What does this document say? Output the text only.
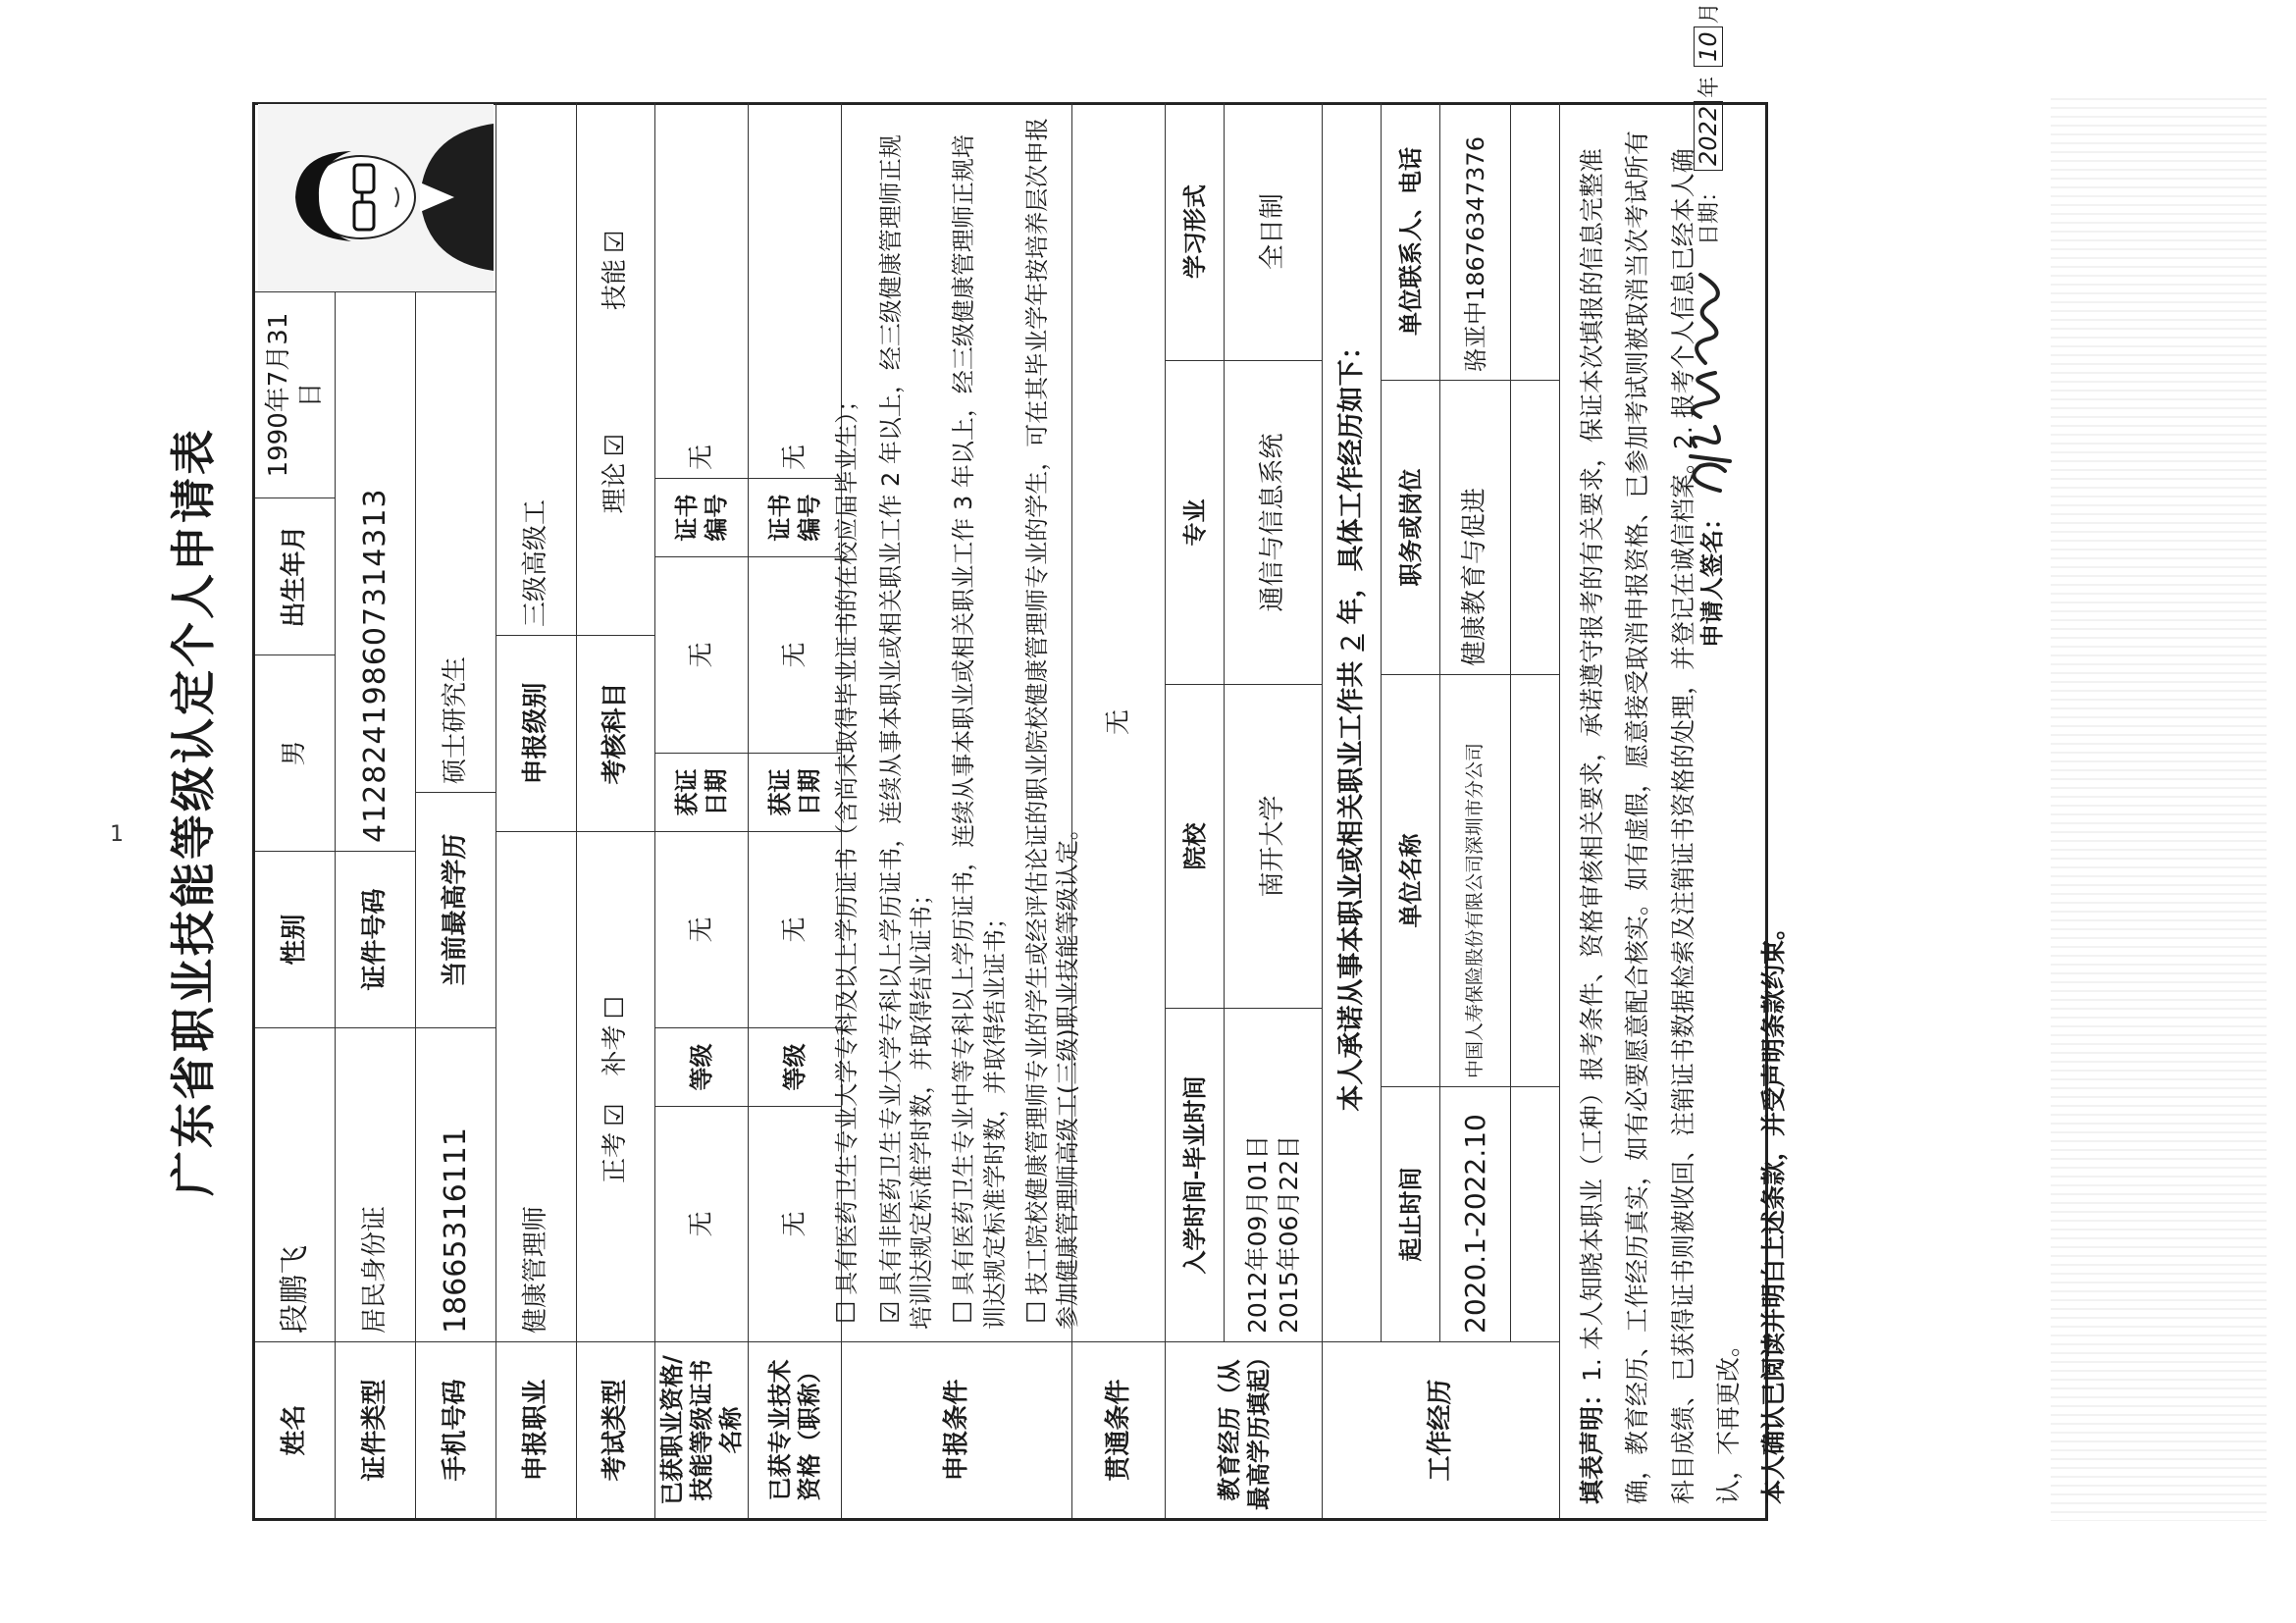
1 广东省职业技能等级认定个人申请表
姓名
段鹏飞
性别
男
出生年月
1990年7月31日
证件类型
居民身份证
证件号码
412824198607314313
手机号码
18665316111
当前最高学历
硕士研究生
申报职业
健康管理师
申报级别
三级高级工
考试类型
正考
☑
补考
☐
考核科目
理论
☑
技能
☑
已获职业资格/技能等级证书名称
无
等级
无
获证日期
无
证书编号
无
已获专业技术资格（职称）
无
等级
无
获证日期
无
证书编号
无
申报条件
☐具有医药卫生专业大学专科及以上学历证书（含尚未取得毕业证书的在校应届毕业生）；
☑具有非医药卫生专业大学专科以上学历证书，连续从事本职业或相关职业工作 2 年以上，经三级健康管理师正规培训达规定标准学时数，并取得结业证书； ☐具有医药卫生专业中等专科以上学历证书，连续从事本职业或相关职业工作 3 年以上，经三级健康管理师正规培训达规定标准学时数，并取得结业证书； ☐技工院校健康管理师专业的学生或经评估论证的职业院校健康管理师专业的学生，可在其毕业学年按培养层次申报参加健康管理师高级工(三级)职业技能等级认定。
贯通条件
无
教育经历（从最高学历填起）
入学时间-毕业时间
院校
专业
学习形式
2012年09月01日
2015年06月22日
南开大学
通信与信息系统
全日制
本人承诺从事本职业或相关职业工作共
2
年，具体工作经历如下：
工作经历
起止时间
单位名称
职务或岗位
单位联系人、电话
2020.1-2022.10
中国人寿保险股份有限公司深圳市分公司
健康教育与促进
骆亚中18676347376
填表声明：1. 本人知晓本职业（工种）报考条件、资格审核相关要求，承诺遵守报考的有关要求，保证本次填报的信息完整准确，教育经历、工作经历真实，如有必要愿意配合核实。如有虚假，愿意接受取消申报资格、已参加考试则被取消当次考试所有科目成绩、已获得证书则被收回、注销证书数据检索及注销证书资格的处理，并登记在诚信档案。2. 报考个人信息已经本人确认，不再更改。 本人确认已阅读并明白上述条款，并受声明条款约束。
申请人签名：
日期： 2022年 10月
